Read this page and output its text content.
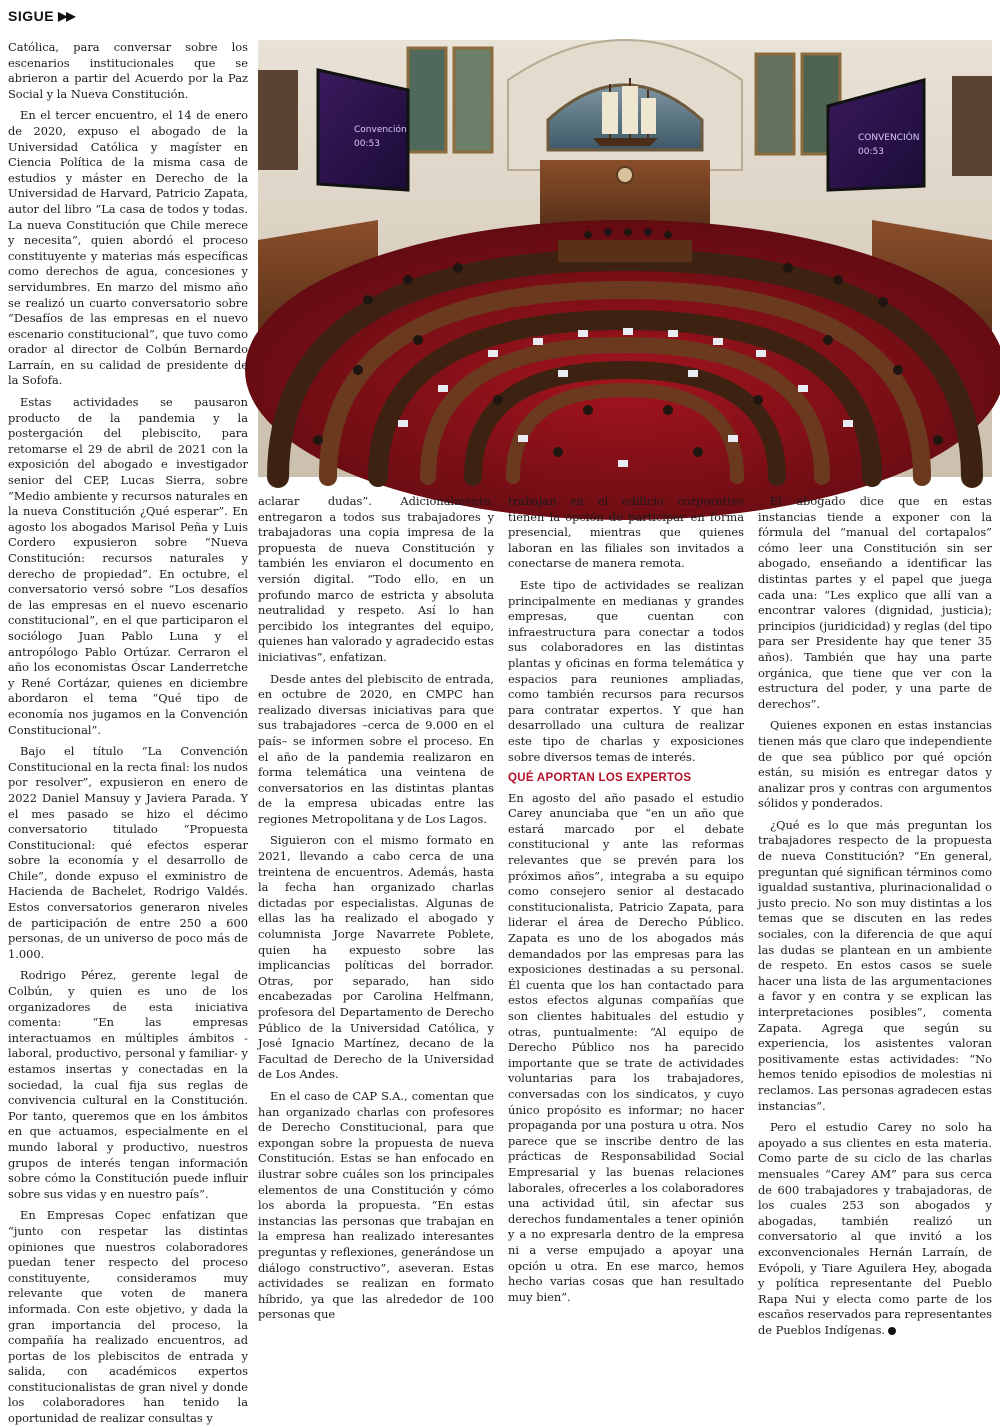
SIGUE ▶▶
Convención 00:53
CONVENCIÓN 00:53

Católica, para conversar sobre los escenarios institucionales que se abrieron a partir del Acuerdo por la Paz Social y la Nueva Constitución.

En el tercer encuentro, el 14 de enero de 2020, expuso el abogado de la Universidad Católica y magíster en Ciencia Política de la misma casa de estudios y máster en Derecho de la Universidad de Harvard, Patricio Zapata, autor del libro “La casa de todos y todas. La nueva Constitución que Chile merece y necesita”, quien abordó el proceso constituyente y materias más específicas como derechos de agua, concesiones y servidumbres. En marzo del mismo año se realizó un cuarto conversatorio sobre “Desafíos de las empresas en el nuevo escenario constitucional”, que tuvo como orador al director de Colbún Bernardo Larraín, en su calidad de presidente de la Sofofa.

Estas actividades se pausaron producto de la pandemia y la postergación del plebiscito, para retomarse el 29 de abril de 2021 con la exposición del abogado e investigador senior del CEP, Lucas Sierra, sobre “Medio ambiente y recursos naturales en la nueva Constitución ¿Qué esperar”. En agosto los abogados Marisol Peña y Luis Cordero expusieron sobre “Nueva Constitución: recursos naturales y derecho de propiedad”. En octubre, el conversatorio versó sobre “Los desafíos de las empresas en el nuevo escenario constitucional”, en el que participaron el sociólogo Juan Pablo Luna y el antropólogo Pablo Ortúzar. Cerraron el año los economistas Óscar Landerretche y René Cortázar, quienes en diciembre abordaron el tema “Qué tipo de economía nos jugamos en la Convención Constitucional”.

Bajo el título “La Convención Constitucional en la recta final: los nudos por resolver”, expusieron en enero de 2022 Daniel Mansuy y Javiera Parada. Y el mes pasado se hizo el décimo conversatorio titulado “Propuesta Constitucional: qué efectos esperar sobre la economía y el desarrollo de Chile”, donde expuso el exministro de Hacienda de Bachelet, Rodrigo Valdés. Estos conversatorios generaron niveles de participación de entre 250 a 600 personas, de un universo de poco más de 1.000.

Rodrigo Pérez, gerente legal de Colbún, y quien es uno de los organizadores de esta iniciativa comenta: “En las empresas interactuamos en múltiples ámbitos -laboral, productivo, personal y familiar- y estamos insertas y conectadas en la sociedad, la cual fija sus reglas de convivencia cultural en la Constitución. Por tanto, queremos que en los ámbitos en que actuamos, especialmente en el mundo laboral y productivo, nuestros grupos de interés tengan información sobre cómo la Constitución puede influir sobre sus vidas y en nuestro país”.

En Empresas Copec enfatizan que “junto con respetar las distintas opiniones que nuestros colaboradores puedan tener respecto del proceso constituyente, consideramos muy relevante que voten de manera informada. Con este objetivo, y dada la gran importancia del proceso, la compañía ha realizado encuentros, ad portas de los plebiscitos de entrada y salida, con académicos expertos constitucionalistas de gran nivel y donde los colaboradores han tenido la oportunidad de realizar consultas y

aclarar dudas”. Adicionalmente, entregaron a todos sus trabajadores y trabajadoras una copia impresa de la propuesta de nueva Constitución y también les enviaron el documento en versión digital. “Todo ello, en un profundo marco de estricta y absoluta neutralidad y respeto. Así lo han percibido los integrantes del equipo, quienes han valorado y agradecido estas iniciativas”, enfatizan.

Desde antes del plebiscito de entrada, en octubre de 2020, en CMPC han realizado diversas iniciativas para que sus trabajadores –cerca de 9.000 en el país– se informen sobre el proceso. En el año de la pandemia realizaron en forma telemática una veintena de conversatorios en las distintas plantas de la empresa ubicadas entre las regiones Metropolitana y de Los Lagos.

Siguieron con el mismo formato en 2021, llevando a cabo cerca de una treintena de encuentros. Además, hasta la fecha han organizado charlas dictadas por especialistas. Algunas de ellas las ha realizado el abogado y columnista Jorge Navarrete Poblete, quien ha expuesto sobre las implicancias políticas del borrador. Otras, por separado, han sido encabezadas por Carolina Helfmann, profesora del Departamento de Derecho Público de la Universidad Católica, y José Ignacio Martínez, decano de la Facultad de Derecho de la Universidad de Los Andes.

En el caso de CAP S.A., comentan que han organizado charlas con profesores de Derecho Constitucional, para que expongan sobre la propuesta de nueva Constitución. Estas se han enfocado en ilustrar sobre cuáles son los principales elementos de una Constitución y cómo los aborda la propuesta. “En estas instancias las personas que trabajan en la empresa han realizado interesantes preguntas y reflexiones, generándose un diálogo constructivo”, aseveran. Estas actividades se realizan en formato híbrido, ya que las alrededor de 100 personas que

trabajan en el edificio corporativo tienen la opción de participar en forma presencial, mientras que quienes laboran en las filiales son invitados a conectarse de manera remota.

Este tipo de actividades se realizan principalmente en medianas y grandes empresas, que cuentan con infraestructura para conectar a todos sus colaboradores en las distintas plantas y oficinas en forma telemática y espacios para reuniones ampliadas, como también recursos para recursos para contratar expertos. Y que han desarrollado una cultura de realizar este tipo de charlas y exposiciones sobre diversos temas de interés.

QUÉ APORTAN LOS EXPERTOS

En agosto del año pasado el estudio Carey anunciaba que “en un año que estará marcado por el debate constitucional y ante las reformas relevantes que se prevén para los próximos años”, integraba a su equipo como consejero senior al destacado constitucionalista, Patricio Zapata, para liderar el área de Derecho Público. Zapata es uno de los abogados más demandados por las empresas para las exposiciones destinadas a su personal. Él cuenta que los han contactado para estos efectos algunas compañías que son clientes habituales del estudio y otras, puntualmente: “Al equipo de Derecho Público nos ha parecido importante que se trate de actividades voluntarias para los trabajadores, conversadas con los sindicatos, y cuyo único propósito es informar; no hacer propaganda por una postura u otra. Nos parece que se inscribe dentro de las prácticas de Responsabilidad Social Empresarial y las buenas relaciones laborales, ofrecerles a los colaboradores una actividad útil, sin afectar sus derechos fundamentales a tener opinión y a no expresarla dentro de la empresa ni a verse empujado a apoyar una opción u otra. En ese marco, hemos hecho varias cosas que han resultado muy bien”.

El abogado dice que en estas instancias tiende a exponer con la fórmula del “manual del cortapalos” cómo leer una Constitución sin ser abogado, enseñando a identificar las distintas partes y el papel que juega cada una: “Les explico que allí van a encontrar valores (dignidad, justicia); principios (juridicidad) y reglas (del tipo para ser Presidente hay que tener 35 años). También que hay una parte orgánica, que tiene que ver con la estructura del poder, y una parte de derechos”.

Quienes exponen en estas instancias tienen más que claro que independiente de que sea público por qué opción están, su misión es entregar datos y analizar pros y contras con argumentos sólidos y ponderados.

¿Qué es lo que más preguntan los trabajadores respecto de la propuesta de nueva Constitución? “En general, preguntan qué significan términos como igualdad sustantiva, plurinacionalidad o justo precio. No son muy distintas a los temas que se discuten en las redes sociales, con la diferencia de que aquí las dudas se plantean en un ambiente de respeto. En estos casos se suele hacer una lista de las argumentaciones a favor y en contra y se explican las interpretaciones posibles”, comenta Zapata. Agrega que según su experiencia, los asistentes valoran positivamente estas actividades: “No hemos tenido episodios de molestias ni reclamos. Las personas agradecen estas instancias”.

Pero el estudio Carey no solo ha apoyado a sus clientes en esta materia. Como parte de su ciclo de las charlas mensuales “Carey AM” para sus cerca de 600 trabajadores y trabajadoras, de los cuales 253 son abogados y abogadas, también realizó un conversatorio al que invitó a los exconvencionales Hernán Larraín, de Evópoli, y Tiare Aguilera Hey, abogada y política representante del Pueblo Rapa Nui y electa como parte de los escaños reservados para representantes de Pueblos Indígenas.
